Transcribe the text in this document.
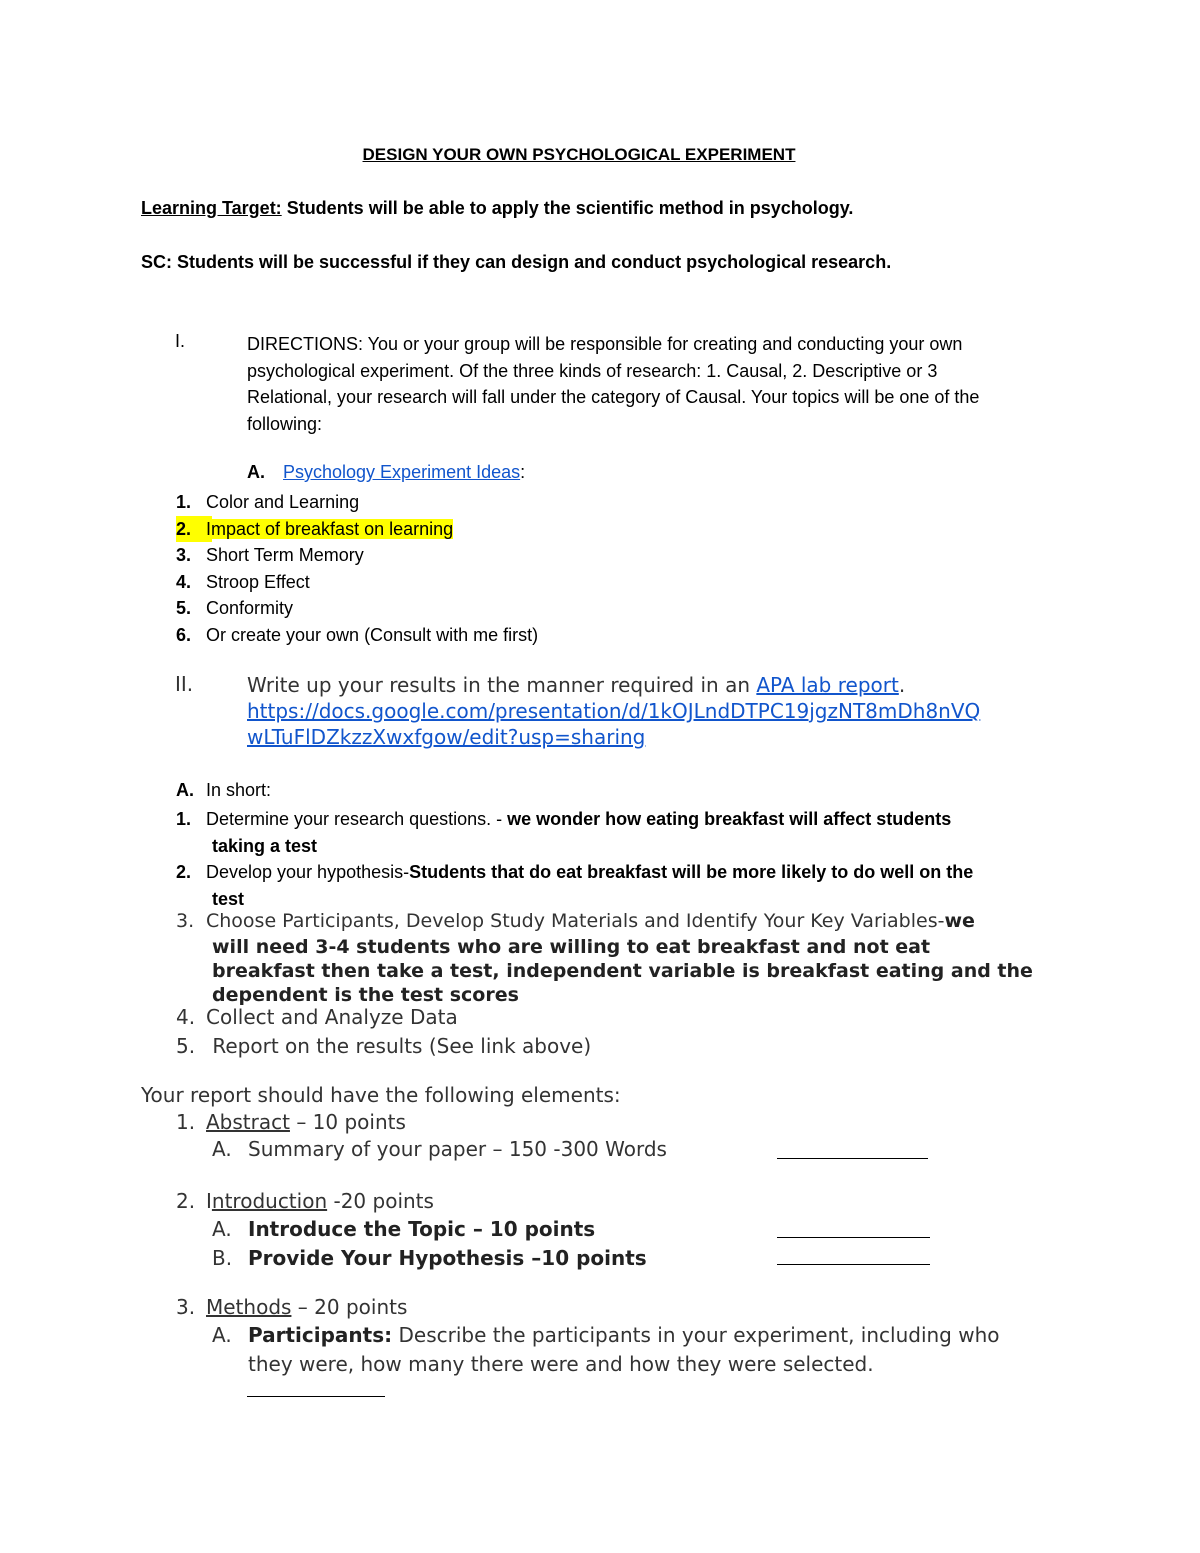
DESIGN YOUR OWN PSYCHOLOGICAL EXPERIMENT
Learning Target: Students will be able to apply the scientific method in psychology.
SC: Students will be successful if they can design and conduct psychological research.
I.	DIRECTIONS: You or your group will be responsible for creating and conducting your own
psychological experiment. Of the three kinds of research: 1. Causal, 2. Descriptive or 3
Relational, your research will fall under the category of Causal. Your topics will be one of the
following:
A. Psychology Experiment Ideas:
1. Color and Learning
2. Impact of breakfast on learning
3. Short Term Memory
4. Stroop Effect
5. Conformity
6. Or create your own (Consult with me first)
II.	Write up your results in the manner required in an APA lab report.
https://docs.google.com/presentation/d/1kOJLndDTPC19jgzNT8mDh8nVQ
wLTuFlDZkzzXwxfgow/edit?usp=sharing
A. In short:
1. Determine your research questions. - we wonder how eating breakfast will affect students
taking a test
2. Develop your hypothesis-Students that do eat breakfast will be more likely to do well on the
test
3. Choose Participants, Develop Study Materials and Identify Your Key Variables-we
will need 3-4 students who are willing to eat breakfast and not eat
breakfast then take a test, independent variable is breakfast eating and the
dependent is the test scores
4. Collect and Analyze Data
5. Report on the results (See link above)
Your report should have the following elements:
1. Abstract – 10 points
A. Summary of your paper – 150 -300 Words
2. Introduction -20 points
A. Introduce the Topic – 10 points
B. Provide Your Hypothesis –10 points
3. Methods – 20 points
A. Participants: Describe the participants in your experiment, including who
they were, how many there were and how they were selected.
